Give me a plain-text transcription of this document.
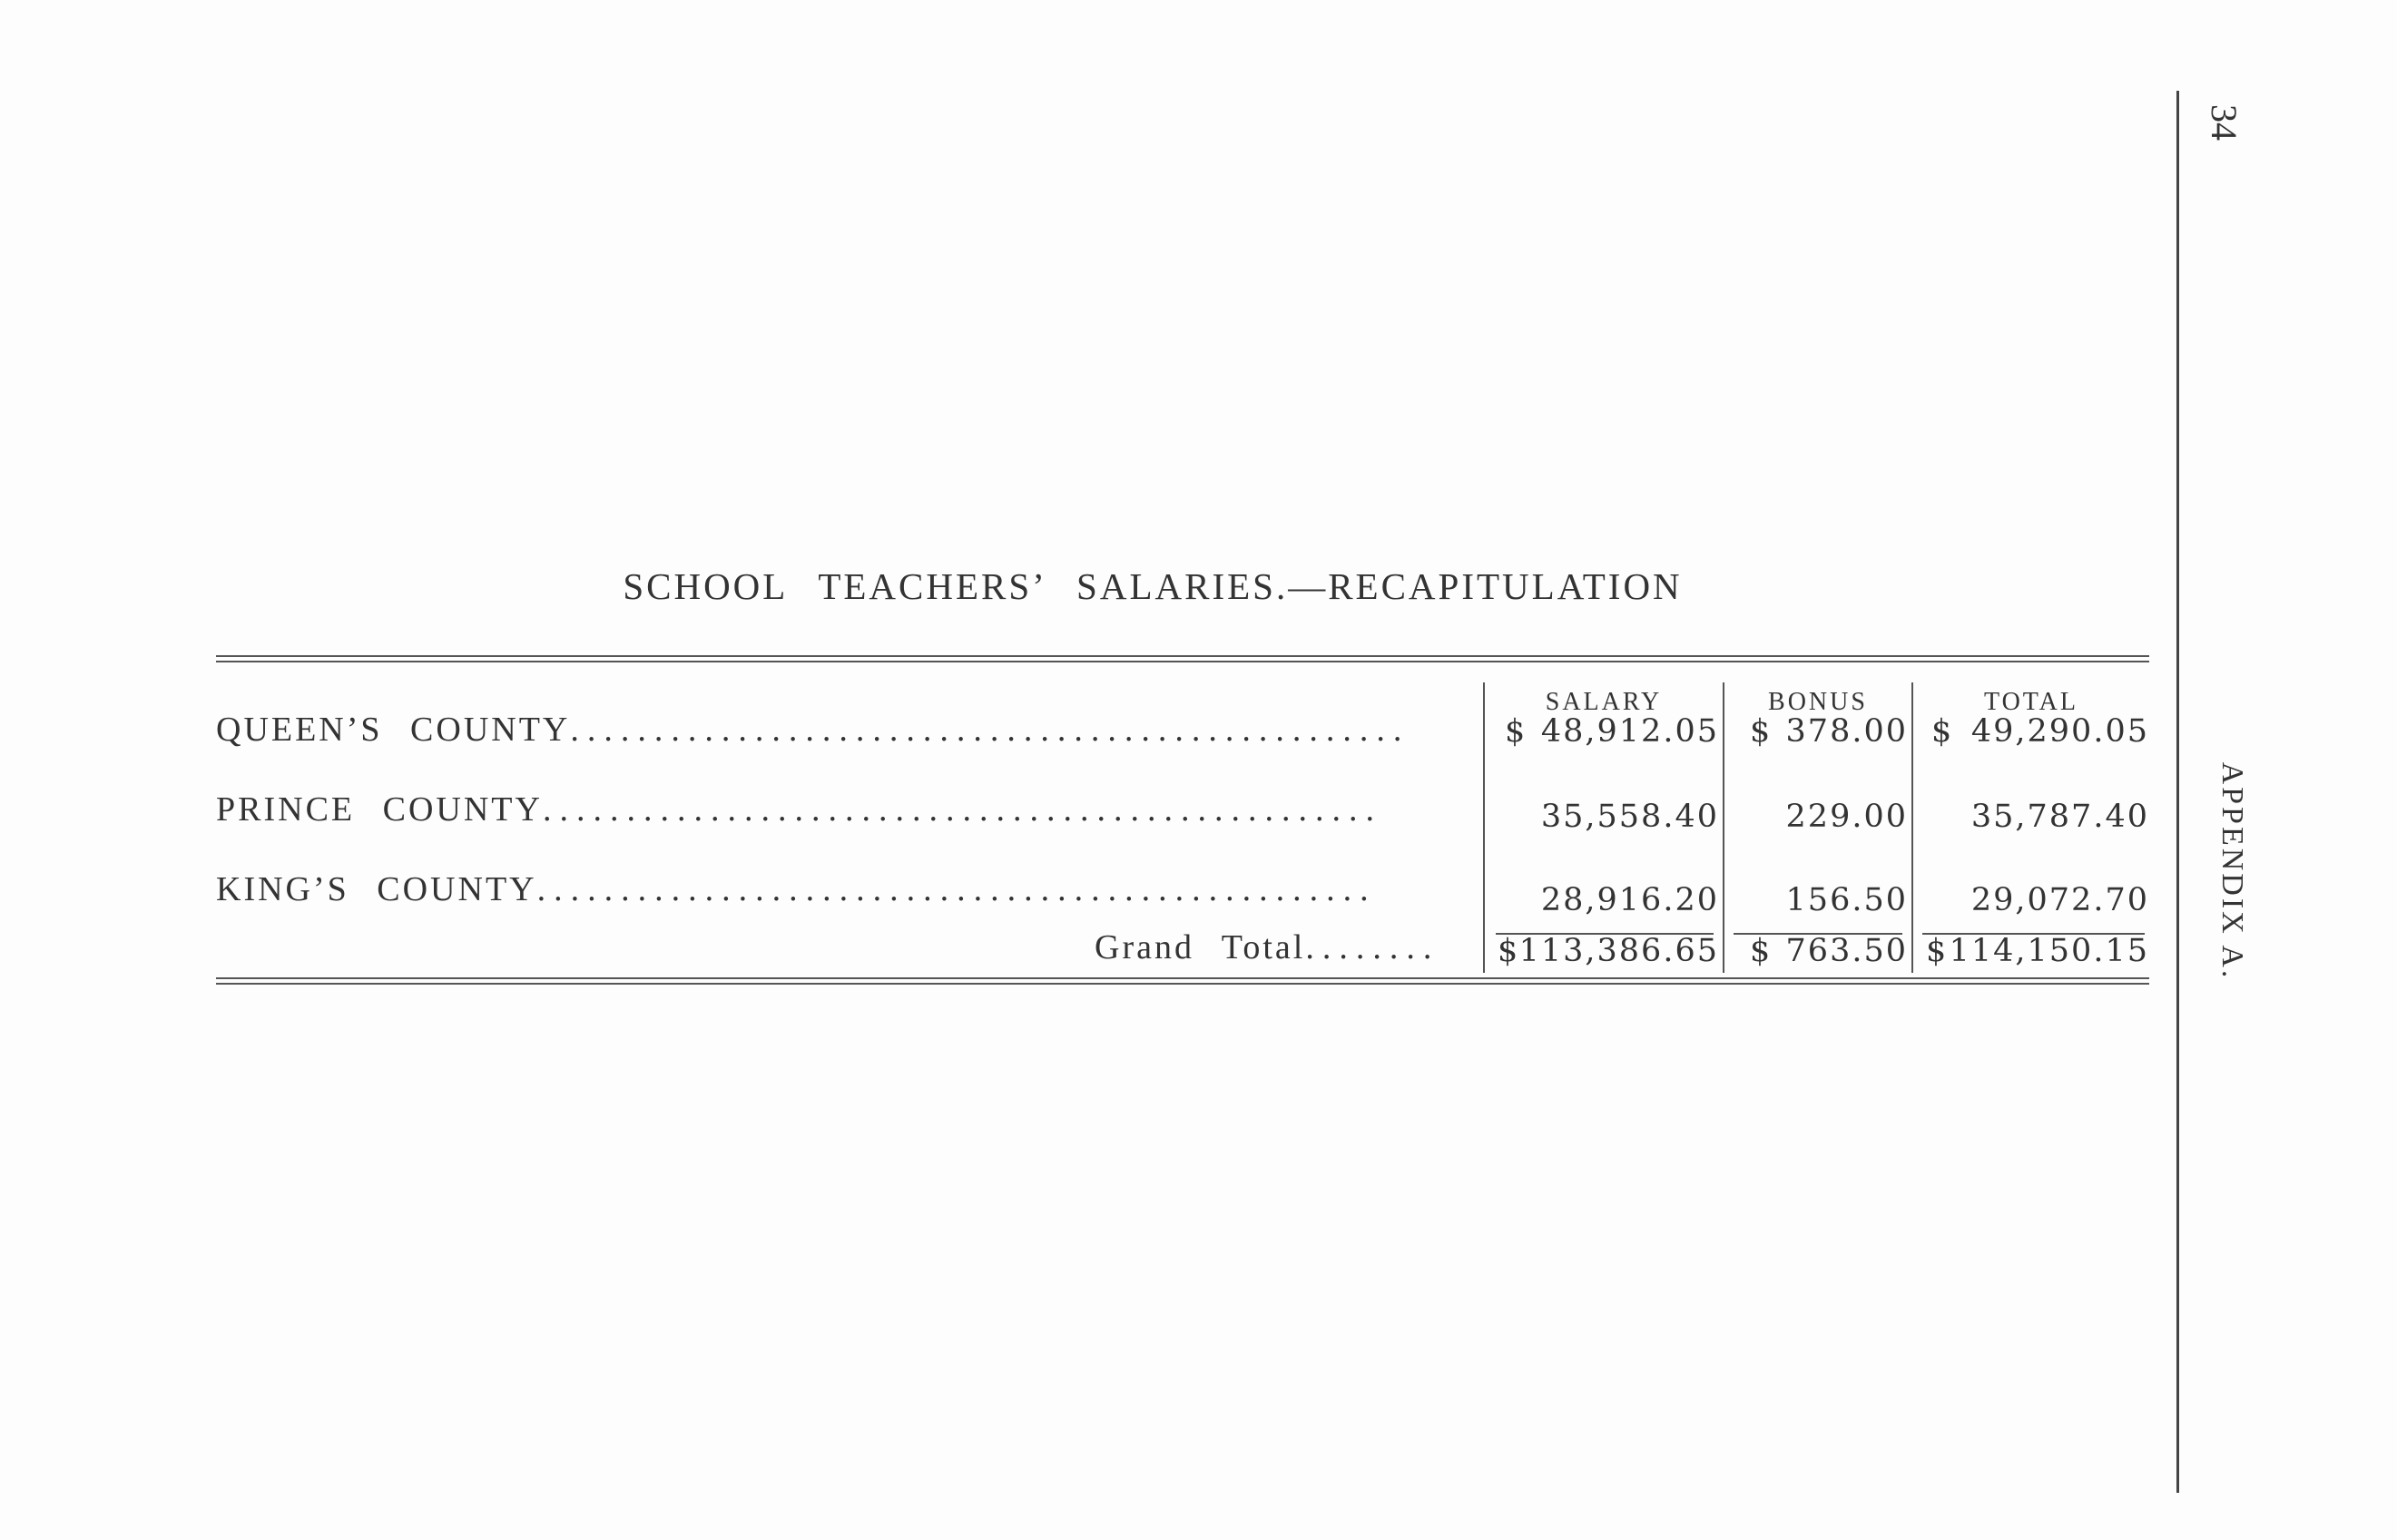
34
APPENDIX A.
SCHOOL TEACHERS’ SALARIES.—RECAPITULATION
SALARY	BONUS	TOTAL
QUEEN’S COUNTY..................................................	$ 48,912.05 $ 378.00 $ 49,290.05
PRINCE COUNTY..................................................	35,558.40 229.00 35,787.40
KING’S COUNTY..................................................	28,916.20 156.50 29,072.70
Grand Total........	$ 113,386.65 $ 763.50 $ 114,150.15
